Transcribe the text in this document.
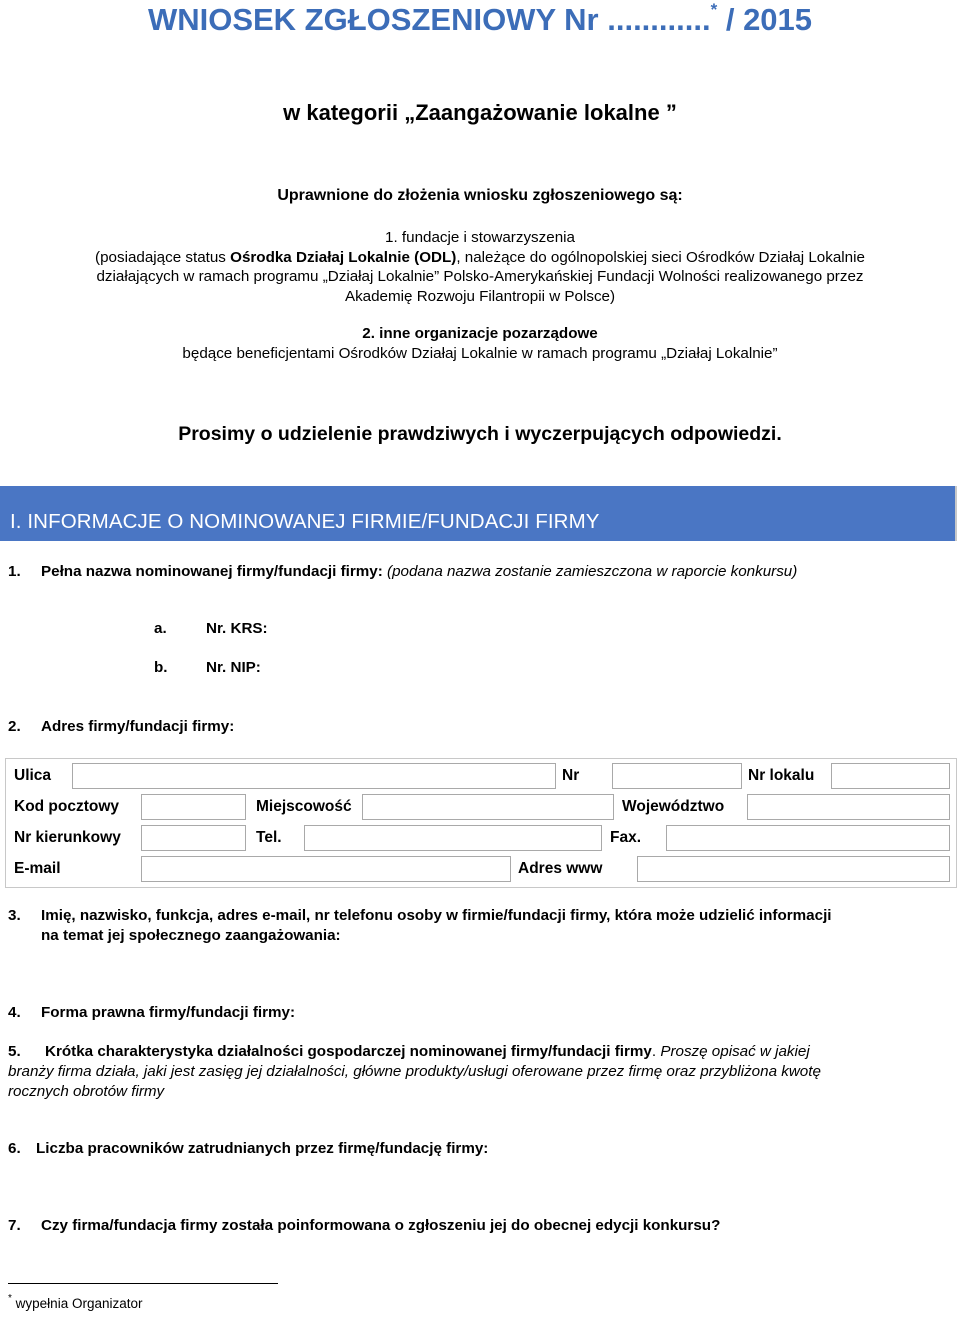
WNIOSEK ZGŁOSZENIOWY Nr ............* / 2015
w kategorii „Zaangażowanie lokalne ”
Uprawnione do złożenia wniosku zgłoszeniowego są:
1. fundacje i stowarzyszenia
(posiadające status Ośrodka Działaj Lokalnie (ODL), należące do ogólnopolskiej sieci Ośrodków Działaj Lokalnie
działających w ramach programu „Działaj Lokalnie” Polsko-Amerykańskiej Fundacji Wolności realizowanego przez
Akademię Rozwoju Filantropii w Polsce)
2. inne organizacje pozarządowe
będące beneficjentami Ośrodków Działaj Lokalnie w ramach programu „Działaj Lokalnie”
Prosimy o udzielenie prawdziwych i wyczerpujących odpowiedzi.
I. INFORMACJE O NOMINOWANEJ FIRMIE/FUNDACJI FIRMY
1. Pełna nazwa nominowanej firmy/fundacji firmy: (podana nazwa zostanie zamieszczona w raporcie konkursu)
a.	Nr. KRS:
b.	Nr. NIP:
2. Adres firmy/fundacji firmy:
Ulica	Nr	Nr lokalu
Kod pocztowy	Miejscowość	Województwo
Nr kierunkowy	Tel.	Fax.
E-mail	Adres www
3. Imię, nazwisko, funkcja, adres e-mail, nr telefonu osoby w firmie/fundacji firmy, która może udzielić informacji
na temat jej społecznego zaangażowania:
4. Forma prawna firmy/fundacji firmy:
5. Krótka charakterystyka działalności gospodarczej nominowanej firmy/fundacji firmy. Proszę opisać w jakiej
branży firma działa, jaki jest zasięg jej działalności, główne produkty/usługi oferowane przez firmę oraz przybliżona kwotę
rocznych obrotów firmy
6. Liczba pracowników zatrudnianych przez firmę/fundację firmy:
7. Czy firma/fundacja firmy została poinformowana o zgłoszeniu jej do obecnej edycji konkursu?
* wypełnia Organizator
